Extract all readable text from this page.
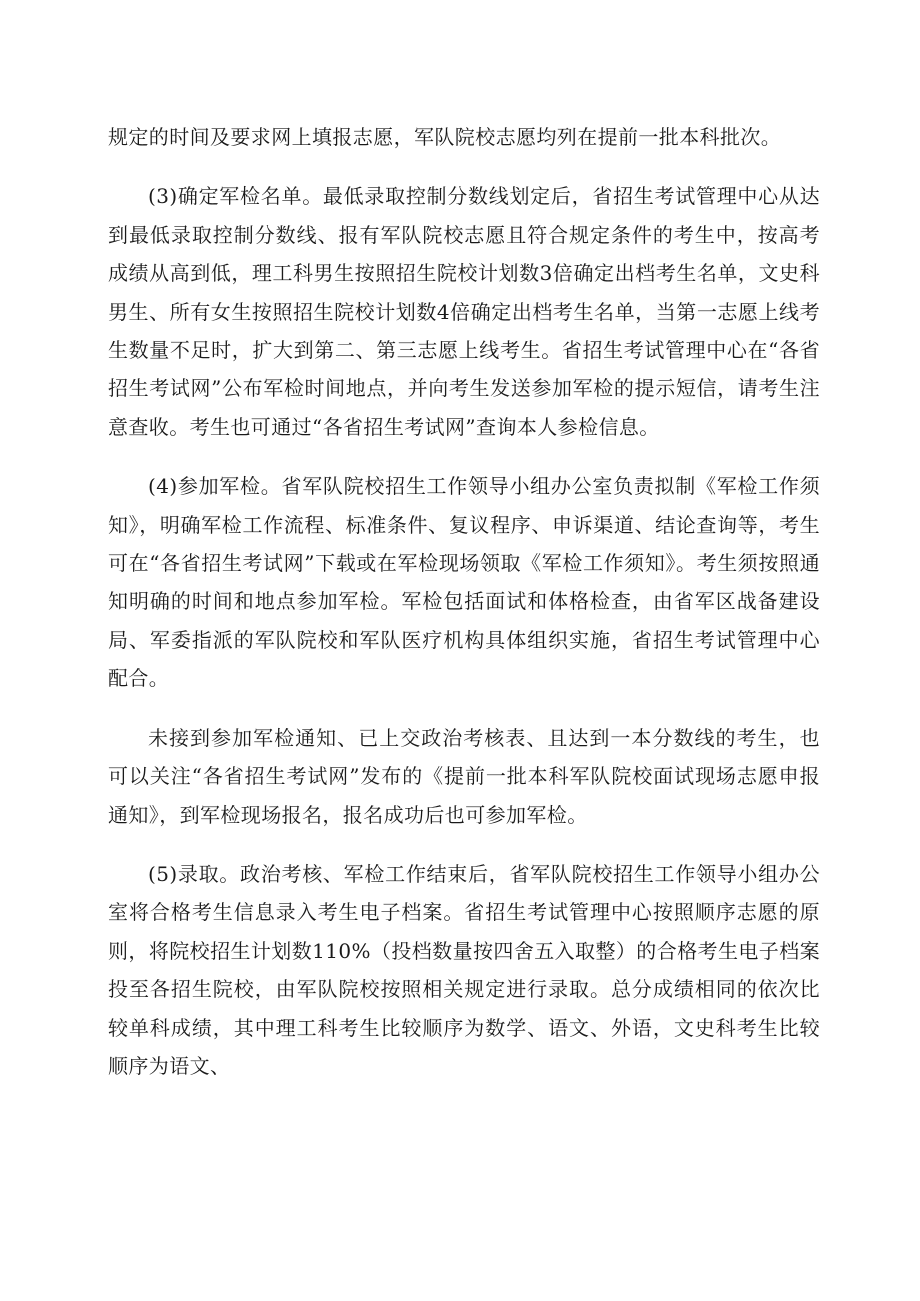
规定的时间及要求网上填报志愿，军队院校志愿均列在提前一批本科批次。

(3)确定军检名单。最低录取控制分数线划定后，省招生考试管理中心从达到最低录取控制分数线、报有军队院校志愿且符合规定条件的考生中，按高考成绩从高到低，理工科男生按照招生院校计划数3倍确定出档考生名单，文史科男生、所有女生按照招生院校计划数4倍确定出档考生名单，当第一志愿上线考生数量不足时，扩大到第二、第三志愿上线考生。省招生考试管理中心在“各省招生考试网”公布军检时间地点，并向考生发送参加军检的提示短信，请考生注意查收。考生也可通过“各省招生考试网”查询本人参检信息。

(4)参加军检。省军队院校招生工作领导小组办公室负责拟制《军检工作须知》，明确军检工作流程、标准条件、复议程序、申诉渠道、结论查询等，考生可在“各省招生考试网”下载或在军检现场领取《军检工作须知》。考生须按照通知明确的时间和地点参加军检。军检包括面试和体格检查，由省军区战备建设局、军委指派的军队院校和军队医疗机构具体组织实施，省招生考试管理中心配合。

未接到参加军检通知、已上交政治考核表、且达到一本分数线的考生，也可以关注“各省招生考试网”发布的《提前一批本科军队院校面试现场志愿申报通知》，到军检现场报名，报名成功后也可参加军检。

(5)录取。政治考核、军检工作结束后，省军队院校招生工作领导小组办公室将合格考生信息录入考生电子档案。省招生考试管理中心按照顺序志愿的原则，将院校招生计划数110%（投档数量按四舍五入取整）的合格考生电子档案投至各招生院校，由军队院校按照相关规定进行录取。总分成绩相同的依次比较单科成绩，其中理工科考生比较顺序为数学、语文、外语，文史科考生比较顺序为语文、
